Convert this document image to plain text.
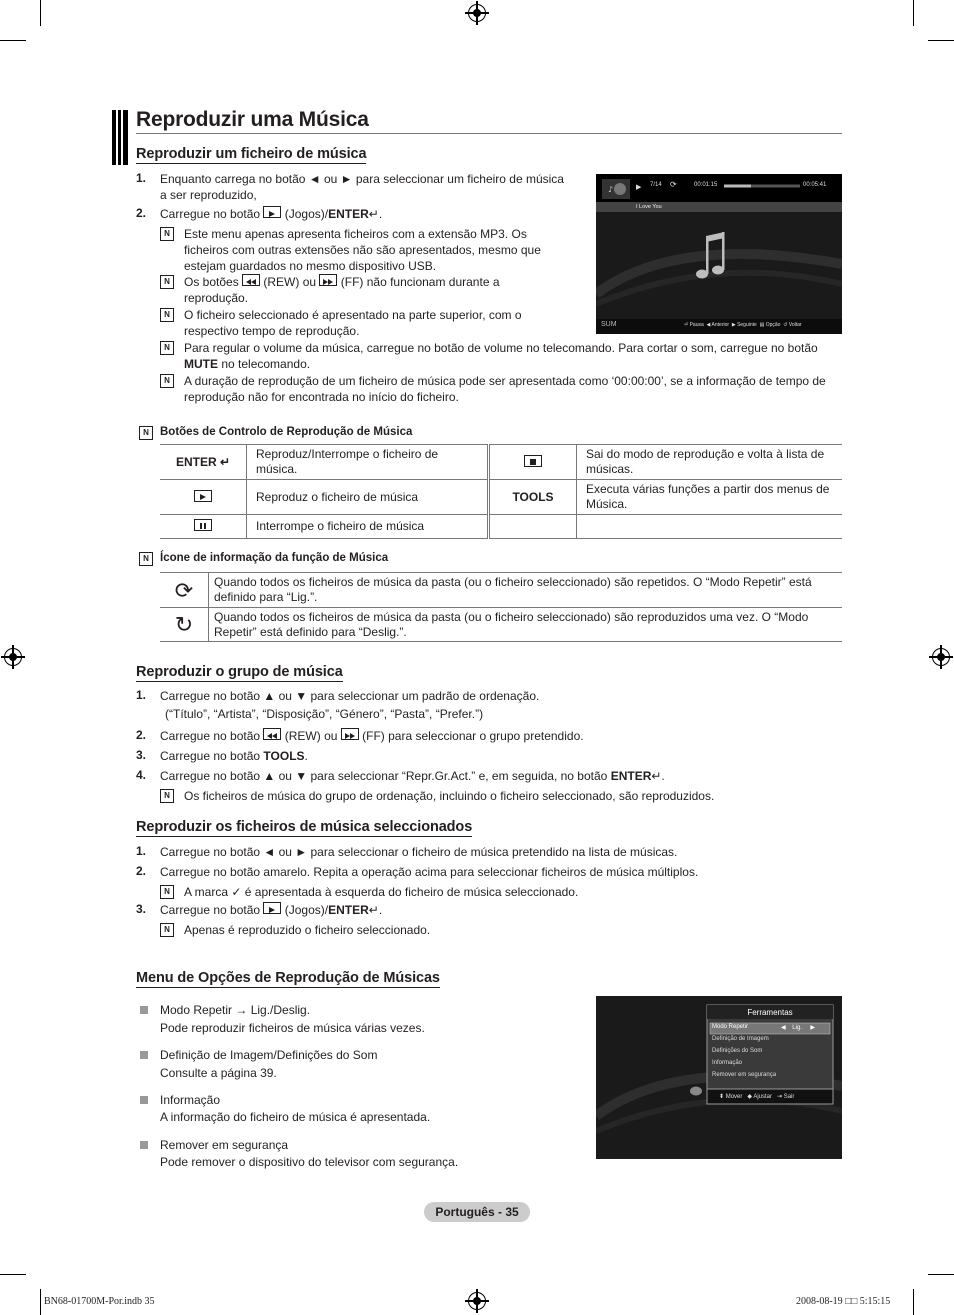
Reproduzir uma Música
Reproduzir um ficheiro de música
1. Enquanto carrega no botão ◄ ou ► para seleccionar um ficheiro de música
a ser reproduzido,
2. Carregue no botão (Jogos)/ENTER↵.
N	Este menu apenas apresenta ficheiros com a extensão MP3. Os
ficheiros com outras extensões não são apresentados, mesmo que
estejam guardados no mesmo dispositivo USB.
N	Os botões (REW) ou (FF) não funcionam durante a
reprodução.
N	O ficheiro seleccionado é apresentado na parte superior, com o
respectivo tempo de reprodução.
N	Para regular o volume da música, carregue no botão de volume no telecomando. Para cortar o som, carregue no botão
MUTE no telecomando.
N	A duração de reprodução de um ficheiro de música pode ser apresentada como ‘00:00:00’, se a informação de tempo de
reprodução não for encontrada no início do ficheiro.
♪	▶ 7/14 ⟳	00:01:15	00:05:41
I Love You
SUM	⏎ Pausa  ◀ Anterior  ▶ Seguinte  ▤ Opção  ↺ Voltar
N Botões de Controlo de Reprodução de Música
ENTER ↵	Reproduz/Interrompe o ficheiro de
música.		Sai do modo de reprodução e volta à lista de
músicas.
	Reproduz o ficheiro de música	TOOLS	Executa várias funções a partir dos menus de
Música.
	Interrompe o ficheiro de música		
N Ícone de informação da função de Música
⟳	Quando todos os ficheiros de música da pasta (ou o ficheiro seleccionado) são repetidos. O “Modo Repetir” está
definido para “Lig.”.
↻	Quando todos os ficheiros de música da pasta (ou o ficheiro seleccionado) são reproduzidos uma vez. O “Modo
Repetir” está definido para “Deslig.”.
Reproduzir o grupo de música
1. Carregue no botão ▲ ou ▼ para seleccionar um padrão de ordenação.
(“Título”, “Artista”, “Disposição”, “Género”, “Pasta”, “Prefer.”)
2. Carregue no botão (REW) ou (FF) para seleccionar o grupo pretendido.
3. Carregue no botão TOOLS.
4. Carregue no botão ▲ ou ▼ para seleccionar “Repr.Gr.Act.” e, em seguida, no botão ENTER↵.
N	Os ficheiros de música do grupo de ordenação, incluindo o ficheiro seleccionado, são reproduzidos.
Reproduzir os ficheiros de música seleccionados
1. Carregue no botão ◄ ou ► para seleccionar o ficheiro de música pretendido na lista de músicas.
2. Carregue no botão amarelo. Repita a operação acima para seleccionar ficheiros de música múltiplos.
N	A marca ✓ é apresentada à esquerda do ficheiro de música seleccionado.
3. Carregue no botão (Jogos)/ENTER↵.
N	Apenas é reproduzido o ficheiro seleccionado.
Menu de Opções de Reprodução de Músicas
Modo Repetir → Lig./Deslig.
Pode reproduzir ficheiros de música várias vezes.
Definição de Imagem/Definições do Som
Consulte a página 39.
Informação
A informação do ficheiro de música é apresentada.
Remover em segurança
Pode remover o dispositivo do televisor com segurança.
Ferramentas
Modo Repetir	◀    Lig.     ▶
Definição de Imagem
Definições do Som
Informação
Remover em segurança
⬍ Mover   ◆ Ajustar   ⇥ Sair
Português - 35
BN68-01700M-Por.indb 35	2008-08-19 □□ 5:15:15
